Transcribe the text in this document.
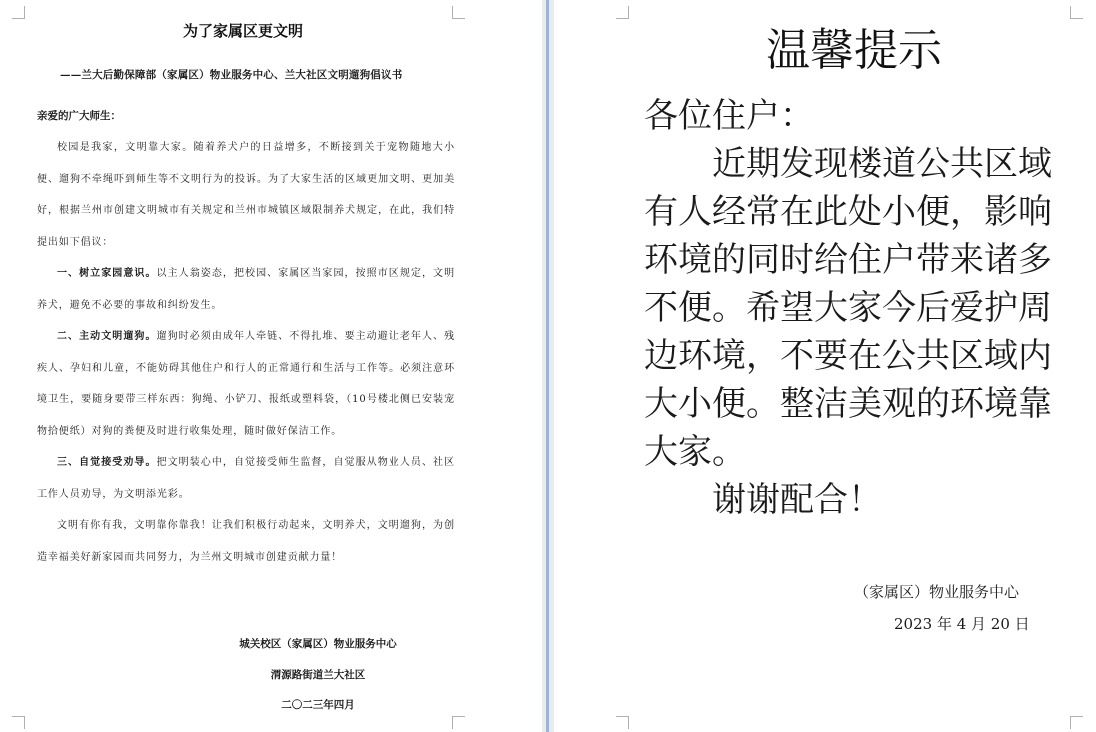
为了家属区更文明
——兰大后勤保障部（家属区）物业服务中心、兰大社区文明遛狗倡议书
亲爱的广大师生：

校园是我家，文明靠大家。随着养犬户的日益增多，不断接到关于宠物随地大小便、遛狗不牵绳吓到师生等不文明行为的投诉。为了大家生活的区域更加文明、更加美好，根据兰州市创建文明城市有关规定和兰州市城镇区域限制养犬规定，在此，我们特提出如下倡议：

一、树立家园意识。以主人翁姿态，把校园、家属区当家园，按照市区规定，文明养犬，避免不必要的事故和纠纷发生。

二、主动文明遛狗。遛狗时必须由成年人牵链、不得扎堆、要主动避让老年人、残疾人、孕妇和儿童，不能妨碍其他住户和行人的正常通行和生活与工作等。必须注意环境卫生，要随身要带三样东西：狗绳、小铲刀、报纸或塑料袋，（10号楼北侧已安装宠物拾便纸）对狗的粪便及时进行收集处理，随时做好保洁工作。

三、自觉接受劝导。把文明装心中，自觉接受师生监督，自觉服从物业人员、社区工作人员劝导，为文明添光彩。

文明有你有我，文明靠你靠我！让我们积极行动起来，文明养犬，文明遛狗，为创造幸福美好新家园而共同努力，为兰州文明城市创建贡献力量！

城关校区（家属区）物业服务中心
渭源路街道兰大社区
二〇二三年四月
温馨提示

各位住户：

近期发现楼道公共区域有人经常在此处小便，影响环境的同时给住户带来诸多不便。希望大家今后爱护周边环境，不要在公共区域内大小便。整洁美观的环境靠大家。

谢谢配合！

（家属区）物业服务中心
2023 年 4 月 20 日
